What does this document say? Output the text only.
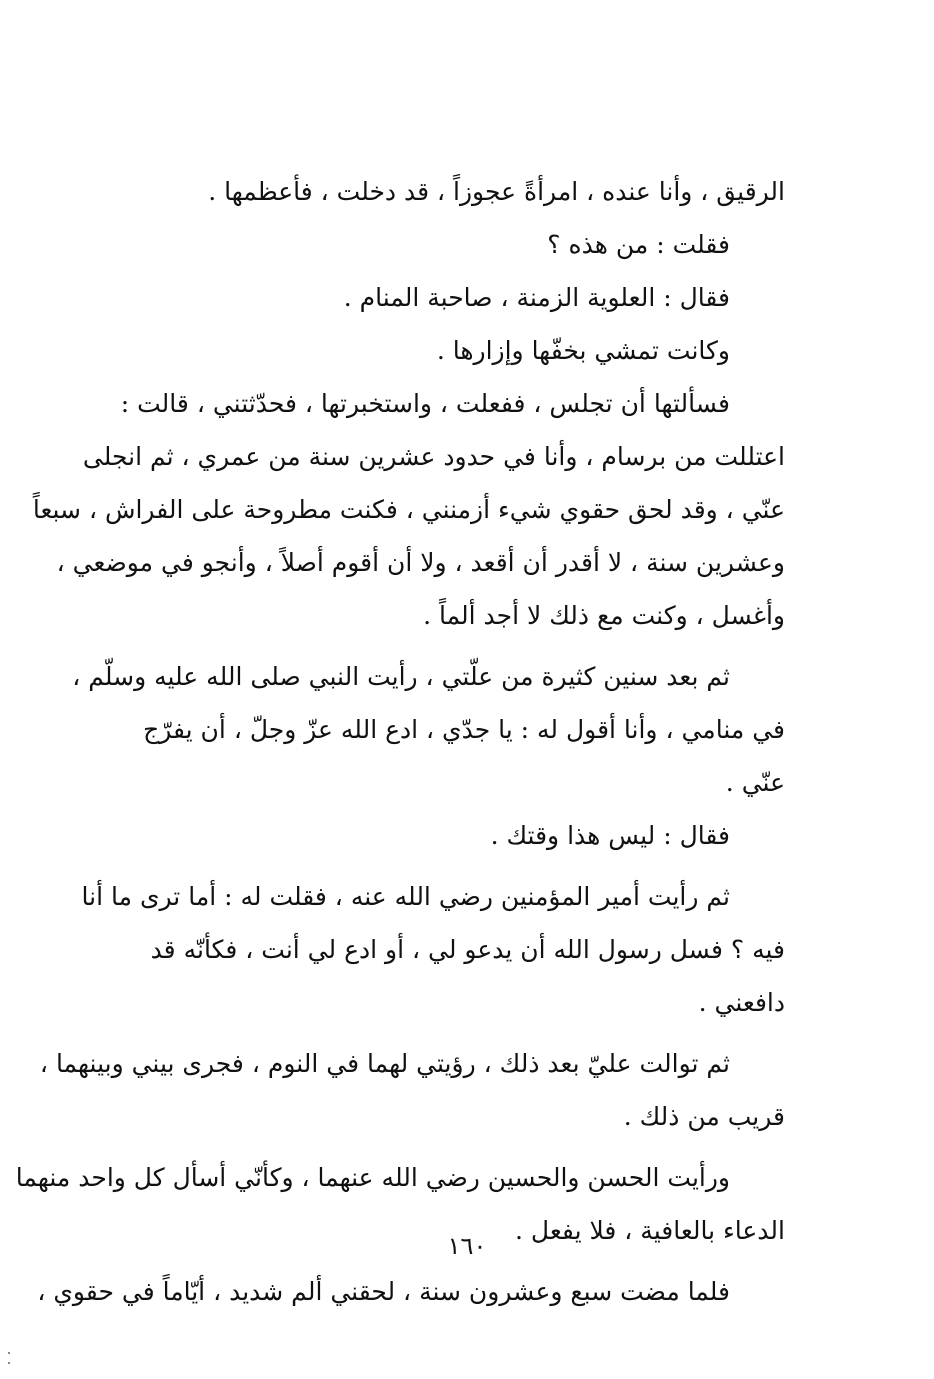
الرقيق ، وأنا عنده ، امرأةً عجوزاً ، قد دخلت ، فأعظمها .
فقلت : من هذه ؟
فقال : العلوية الزمنة ، صاحبة المنام .
وكانت تمشي بخفّها وإزارها .
فسألتها أن تجلس ، ففعلت ، واستخبرتها ، فحدّثتني ، قالت :
اعتللت من برسام ، وأنا في حدود عشرين سنة من عمري ، ثم انجلى
عنّي ، وقد لحق حقوي شيء أزمنني ، فكنت مطروحة على الفراش ، سبعاً
وعشرين سنة ، لا أقدر أن أقعد ، ولا أن أقوم أصلاً ، وأنجو في موضعي ،
وأغسل ، وكنت مع ذلك لا أجد ألماً .
ثم بعد سنين كثيرة من علّتي ، رأيت النبي صلى الله عليه وسلّم ،
في منامي ، وأنا أقول له : يا جدّي ، ادع الله عزّ وجلّ ، أن يفرّج
عنّي .
فقال : ليس هذا وقتك .
ثم رأيت أمير المؤمنين رضي الله عنه ، فقلت له : أما ترى ما أنا
فيه ؟ فسل رسول الله أن يدعو لي ، أو ادع لي أنت ، فكأنّه قد
دافعني .
ثم توالت عليّ بعد ذلك ، رؤيتي لهما في النوم ، فجرى بيني وبينهما ،
قريب من ذلك .
ورأيت الحسن والحسين رضي الله عنهما ، وكأنّي أسأل كل واحد منهما
الدعاء بالعافية ، فلا يفعل .
فلما مضت سبع وعشرون سنة ، لحقني ألم شديد ، أيّاماً في حقوي ،
١٦٠
